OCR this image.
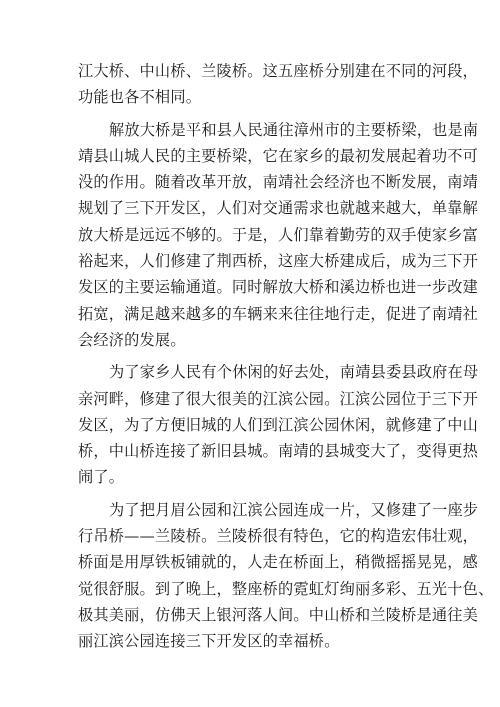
江大桥、中山桥、兰陵桥。这五座桥分别建在不同的河段，
功能也各不相同。

解放大桥是平和县人民通往漳州市的主要桥梁，也是南
靖县山城人民的主要桥梁，它在家乡的最初发展起着功不可
没的作用。随着改革开放，南靖社会经济也不断发展，南靖
规划了三下开发区，人们对交通需求也就越来越大，单靠解
放大桥是远远不够的。于是，人们靠着勤劳的双手使家乡富
裕起来，人们修建了荆西桥，这座大桥建成后，成为三下开
发区的主要运输通道。同时解放大桥和溪边桥也进一步改建
拓宽，满足越来越多的车辆来来往往地行走，促进了南靖社
会经济的发展。

为了家乡人民有个休闲的好去处，南靖县委县政府在母
亲河畔，修建了很大很美的江滨公园。江滨公园位于三下开
发区，为了方便旧城的人们到江滨公园休闲，就修建了中山
桥，中山桥连接了新旧县城。南靖的县城变大了，变得更热
闹了。

为了把月眉公园和江滨公园连成一片，又修建了一座步
行吊桥——兰陵桥。兰陵桥很有特色，它的构造宏伟壮观，
桥面是用厚铁板铺就的，人走在桥面上，稍微摇摇晃晃，感
觉很舒服。到了晚上，整座桥的霓虹灯绚丽多彩、五光十色、
极其美丽，仿佛天上银河落人间。中山桥和兰陵桥是通往美
丽江滨公园连接三下开发区的幸福桥。
